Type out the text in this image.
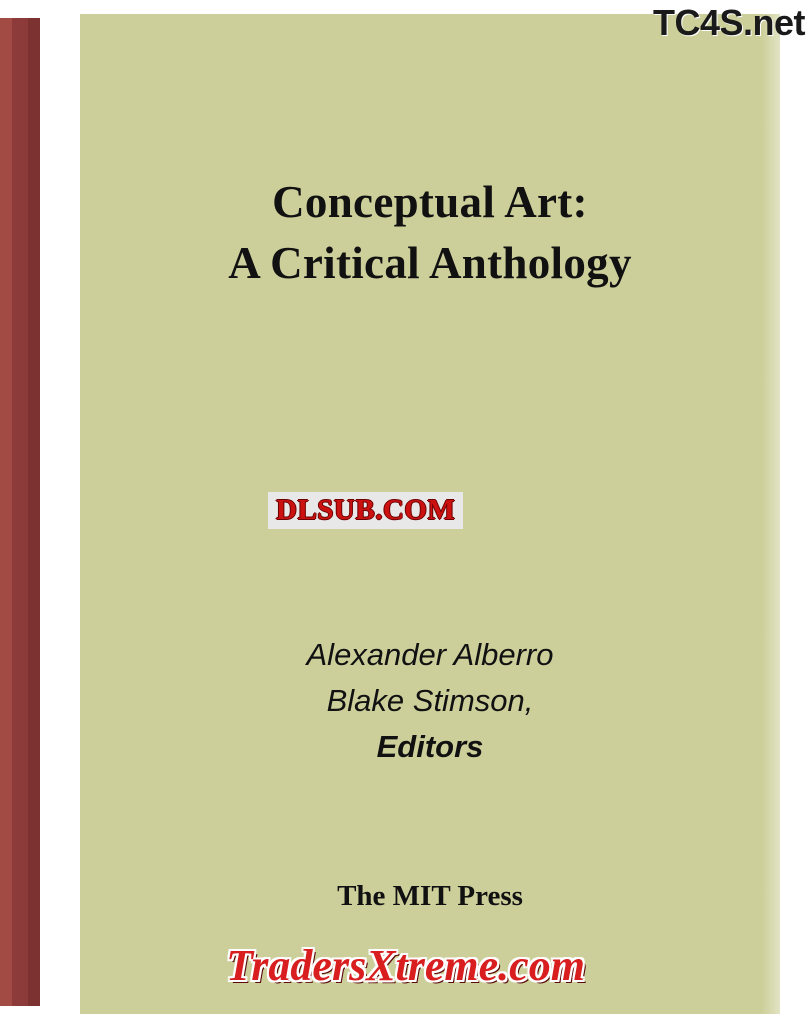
Conceptual Art:
A Critical Anthology
DLSUB.COM
Alexander Alberro
Blake Stimson,
Editors
The MIT Press
TC4S.net
TradersXtreme.com
